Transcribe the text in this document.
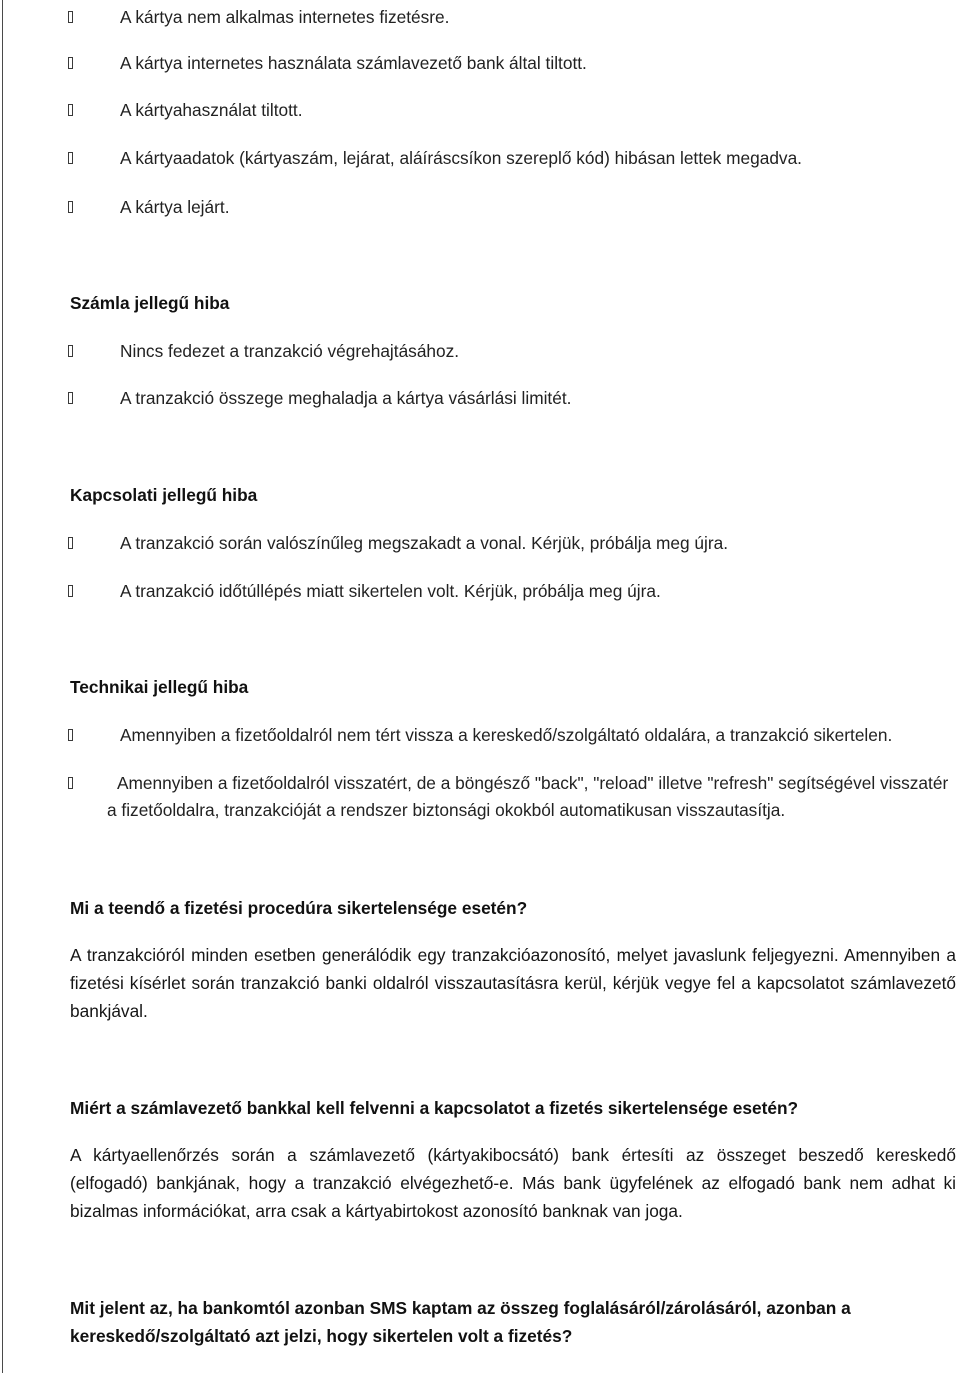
A kártya nem alkalmas internetes fizetésre.
A kártya internetes használata számlavezető bank által tiltott.
A kártyahasználat tiltott.
A kártyaadatok (kártyaszám, lejárat, aláíráscsíkon szereplő kód) hibásan lettek megadva.
A kártya lejárt.
Számla jellegű hiba
Nincs fedezet a tranzakció végrehajtásához.
A tranzakció összege meghaladja a kártya vásárlási limitét.
Kapcsolati jellegű hiba
A tranzakció során valószínűleg megszakadt a vonal. Kérjük, próbálja meg újra.
A tranzakció időtúllépés miatt sikertelen volt. Kérjük, próbálja meg újra.
Technikai jellegű hiba
Amennyiben a fizetőoldalról nem tért vissza a kereskedő/szolgáltató oldalára, a tranzakció sikertelen.
Amennyiben a fizetőoldalról visszatért, de a böngésző "back", "reload" illetve "refresh" segítségével visszatér
a fizetőoldalra, tranzakcióját a rendszer biztonsági okokból automatikusan visszautasítja.
Mi a teendő a fizetési procedúra sikertelensége esetén?
A tranzakcióról minden esetben generálódik egy tranzakcióazonosító, melyet javaslunk feljegyezni. Amennyiben a
fizetési kísérlet során tranzakció banki oldalról visszautasításra kerül, kérjük vegye fel a kapcsolatot számlavezető
bankjával.
Miért a számlavezető bankkal kell felvenni a kapcsolatot a fizetés sikertelensége esetén?
A kártyaellenőrzés során a számlavezető (kártyakibocsátó) bank értesíti az összeget beszedő kereskedő
(elfogadó) bankjának, hogy a tranzakció elvégezhető-e. Más bank ügyfelének az elfogadó bank nem adhat ki
bizalmas információkat, arra csak a kártyabirtokost azonosító banknak van joga.
Mit jelent az, ha bankomtól azonban SMS kaptam az összeg foglalásáról/zárolásáról, azonban a
kereskedő/szolgáltató azt jelzi, hogy sikertelen volt a fizetés?
